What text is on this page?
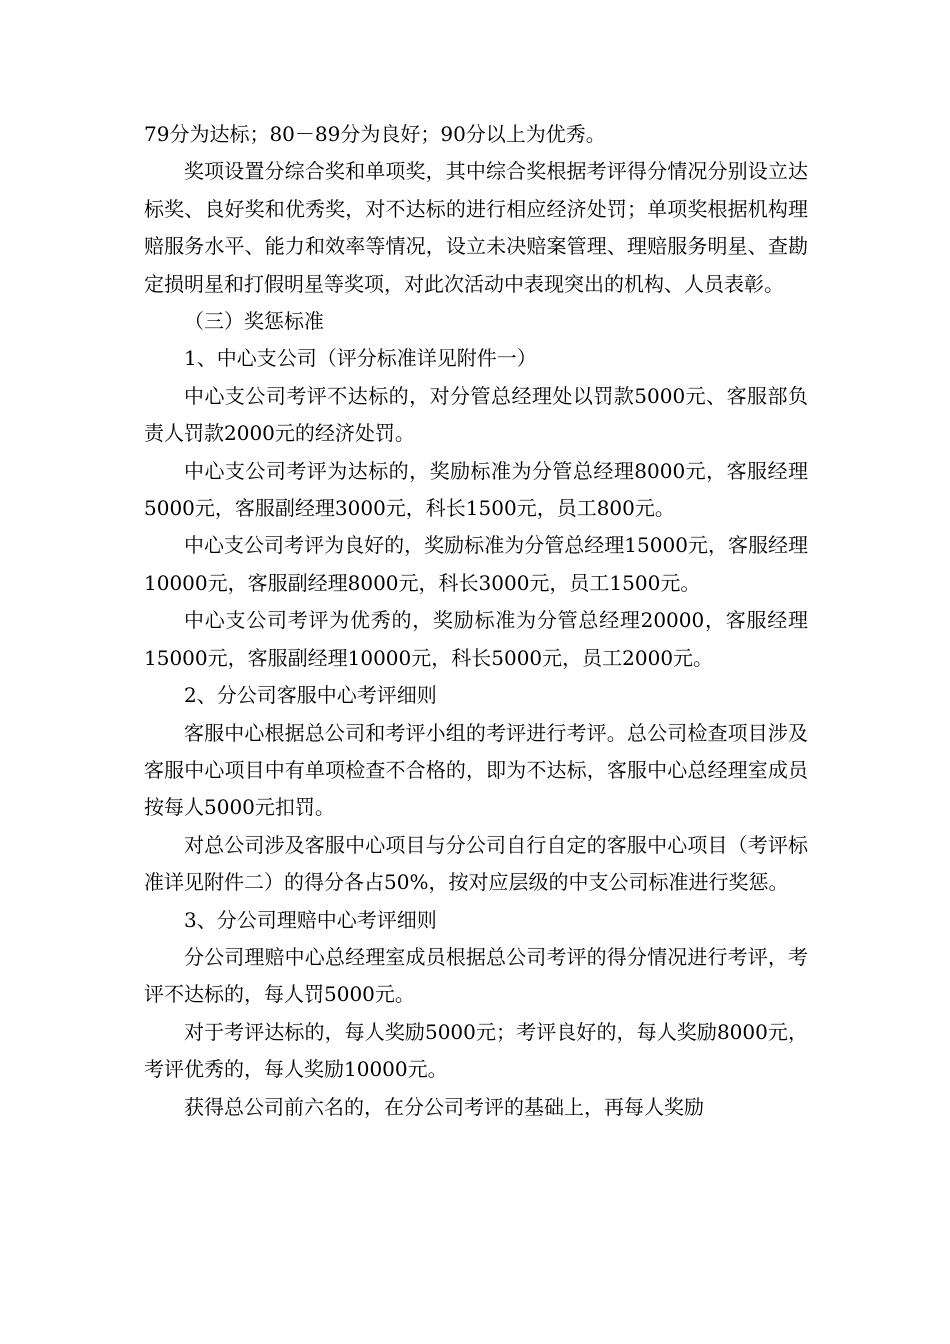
79分为达标；80－89分为良好；90分以上为优秀。

奖项设置分综合奖和单项奖，其中综合奖根据考评得分情况分别设立达标奖、良好奖和优秀奖，对不达标的进行相应经济处罚；单项奖根据机构理赔服务水平、能力和效率等情况，设立未决赔案管理、理赔服务明星、查勘定损明星和打假明星等奖项，对此次活动中表现突出的机构、人员表彰。

（三）奖惩标准

1、中心支公司（评分标准详见附件一）

中心支公司考评不达标的，对分管总经理处以罚款5000元、客服部负责人罚款2000元的经济处罚。

中心支公司考评为达标的，奖励标准为分管总经理8000元，客服经理5000元，客服副经理3000元，科长1500元，员工800元。

中心支公司考评为良好的，奖励标准为分管总经理15000元，客服经理10000元，客服副经理8000元，科长3000元，员工1500元。

中心支公司考评为优秀的，奖励标准为分管总经理20000，客服经理15000元，客服副经理10000元，科长5000元，员工2000元。

2、分公司客服中心考评细则

客服中心根据总公司和考评小组的考评进行考评。总公司检查项目涉及客服中心项目中有单项检查不合格的，即为不达标，客服中心总经理室成员按每人5000元扣罚。

对总公司涉及客服中心项目与分公司自行自定的客服中心项目（考评标准详见附件二）的得分各占50%，按对应层级的中支公司标准进行奖惩。

3、分公司理赔中心考评细则

分公司理赔中心总经理室成员根据总公司考评的得分情况进行考评，考评不达标的，每人罚5000元。

对于考评达标的，每人奖励5000元；考评良好的，每人奖励8000元，考评优秀的，每人奖励10000元。

获得总公司前六名的，在分公司考评的基础上，再每人奖励
